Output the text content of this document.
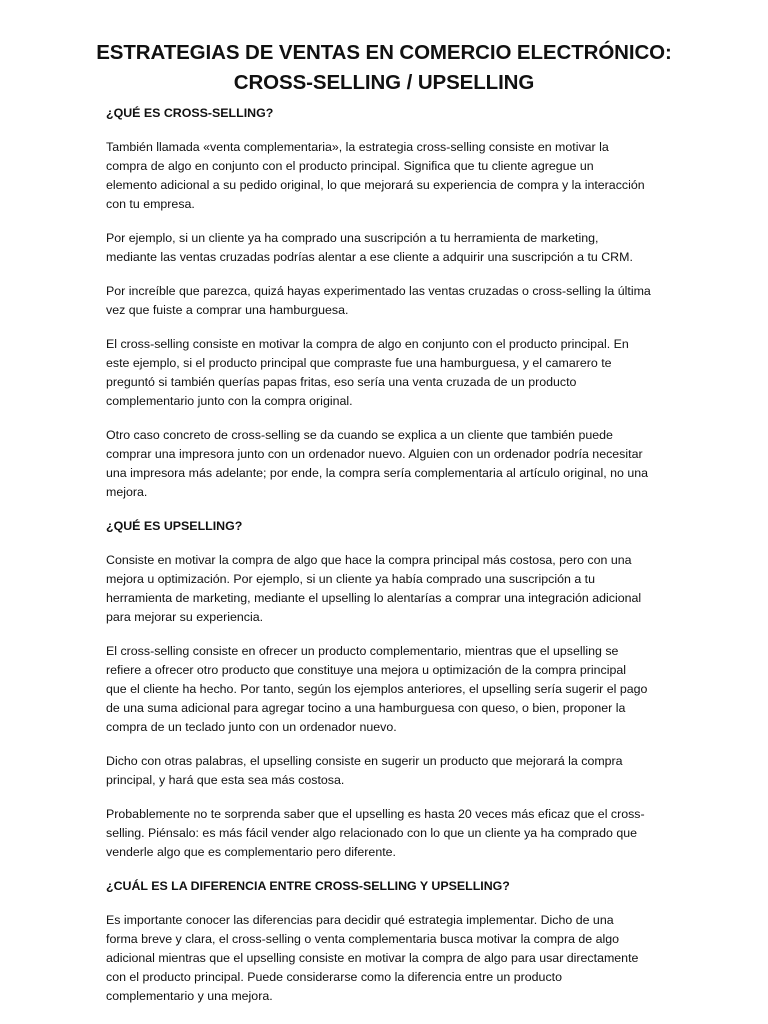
ESTRATEGIAS DE VENTAS EN COMERCIO ELECTRÓNICO:
CROSS-SELLING / UPSELLING
¿QUÉ ES CROSS-SELLING?
También llamada «venta complementaria», la estrategia cross-selling consiste en motivar la
compra de algo en conjunto con el producto principal. Significa que tu cliente agregue un
elemento adicional a su pedido original, lo que mejorará su experiencia de compra y la interacción
con tu empresa.
Por ejemplo, si un cliente ya ha comprado una suscripción a tu herramienta de marketing,
mediante las ventas cruzadas podrías alentar a ese cliente a adquirir una suscripción a tu CRM.
Por increíble que parezca, quizá hayas experimentado las ventas cruzadas o cross-selling la última
vez que fuiste a comprar una hamburguesa.
El cross-selling consiste en motivar la compra de algo en conjunto con el producto principal. En
este ejemplo, si el producto principal que compraste fue una hamburguesa, y el camarero te
preguntó si también querías papas fritas, eso sería una venta cruzada de un producto
complementario junto con la compra original.
Otro caso concreto de cross-selling se da cuando se explica a un cliente que también puede
comprar una impresora junto con un ordenador nuevo. Alguien con un ordenador podría necesitar
una impresora más adelante; por ende, la compra sería complementaria al artículo original, no una
mejora.
¿QUÉ ES UPSELLING?
Consiste en motivar la compra de algo que hace la compra principal más costosa, pero con una
mejora u optimización. Por ejemplo, si un cliente ya había comprado una suscripción a tu
herramienta de marketing, mediante el upselling lo alentarías a comprar una integración adicional
para mejorar su experiencia.
El cross-selling consiste en ofrecer un producto complementario, mientras que el upselling se
refiere a ofrecer otro producto que constituye una mejora u optimización de la compra principal
que el cliente ha hecho. Por tanto, según los ejemplos anteriores, el upselling sería sugerir el pago
de una suma adicional para agregar tocino a una hamburguesa con queso, o bien, proponer la
compra de un teclado junto con un ordenador nuevo.
Dicho con otras palabras, el upselling consiste en sugerir un producto que mejorará la compra
principal, y hará que esta sea más costosa.
Probablemente no te sorprenda saber que el upselling es hasta 20 veces más eficaz que el cross-
selling. Piénsalo: es más fácil vender algo relacionado con lo que un cliente ya ha comprado que
venderle algo que es complementario pero diferente.
¿CUÁL ES LA DIFERENCIA ENTRE CROSS-SELLING Y UPSELLING?
Es importante conocer las diferencias para decidir qué estrategia implementar. Dicho de una
forma breve y clara, el cross-selling o venta complementaria busca motivar la compra de algo
adicional mientras que el upselling consiste en motivar la compra de algo para usar directamente
con el producto principal. Puede considerarse como la diferencia entre un producto
complementario y una mejora.
